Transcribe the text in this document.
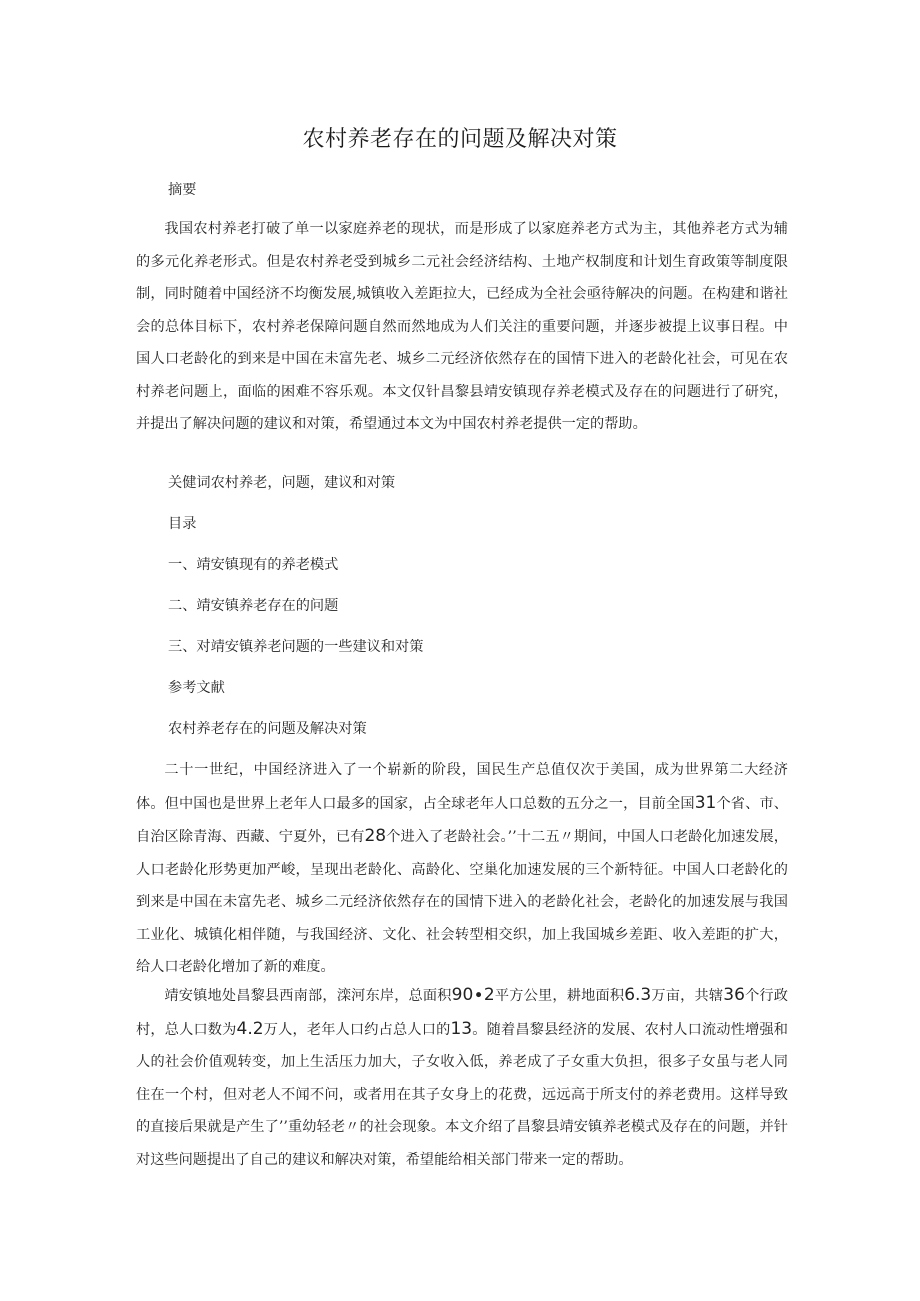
农村养老存在的问题及解决对策
摘要
我国农村养老打破了单一以家庭养老的现状，而是形成了以家庭养老方式为主，其他养老方式为辅的多元化养老形式。但是农村养老受到城乡二元社会经济结构、土地产权制度和计划生育政策等制度限制，同时随着中国经济不均衡发展,城镇收入差距拉大，已经成为全社会亟待解决的问题。在构建和谐社会的总体目标下，农村养老保障问题自然而然地成为人们关注的重要问题，并逐步被提上议事日程。中国人口老龄化的到来是中国在未富先老、城乡二元经济依然存在的国情下进入的老龄化社会，可见在农村养老问题上，面临的困难不容乐观。本文仅针昌黎县靖安镇现存养老模式及存在的问题进行了研究，并提出了解决问题的建议和对策，希望通过本文为中国农村养老提供一定的帮助。
关健词农村养老，问题，建议和对策
目录
一、靖安镇现有的养老模式
二、靖安镇养老存在的问题
三、对靖安镇养老问题的一些建议和对策
参考文献
农村养老存在的问题及解决对策
二十一世纪，中国经济进入了一个崭新的阶段，国民生产总值仅次于美国，成为世界第二大经济体。但中国也是世界上老年人口最多的国家，占全球老年人口总数的五分之一，目前全国31个省、市、自治区除青海、西藏、宁夏外，已有28个进入了老龄社会。’’十二五〃期间，中国人口老龄化加速发展，人口老龄化形势更加严峻，呈现出老龄化、高龄化、空巢化加速发展的三个新特征。中国人口老龄化的到来是中国在未富先老、城乡二元经济依然存在的国情下进入的老龄化社会，老龄化的加速发展与我国工业化、城镇化相伴随，与我国经济、文化、社会转型相交织，加上我国城乡差距、收入差距的扩大，给人口老龄化增加了新的难度。
靖安镇地处昌黎县西南部，滦河东岸，总面积90∙2平方公里，耕地面积6.3万亩，共辖36个行政村，总人口数为4.2万人，老年人口约占总人口的13。随着昌黎县经济的发展、农村人口流动性增强和人的社会价值观转变，加上生活压力加大，子女收入低，养老成了子女重大负担，很多子女虽与老人同住在一个村，但对老人不闻不问，或者用在其子女身上的花费，远远高于所支付的养老费用。这样导致的直接后果就是产生了’’重幼轻老〃的社会现象。本文介绍了昌黎县靖安镇养老模式及存在的问题，并针对这些问题提出了自己的建议和解决对策，希望能给相关部门带来一定的帮助。
